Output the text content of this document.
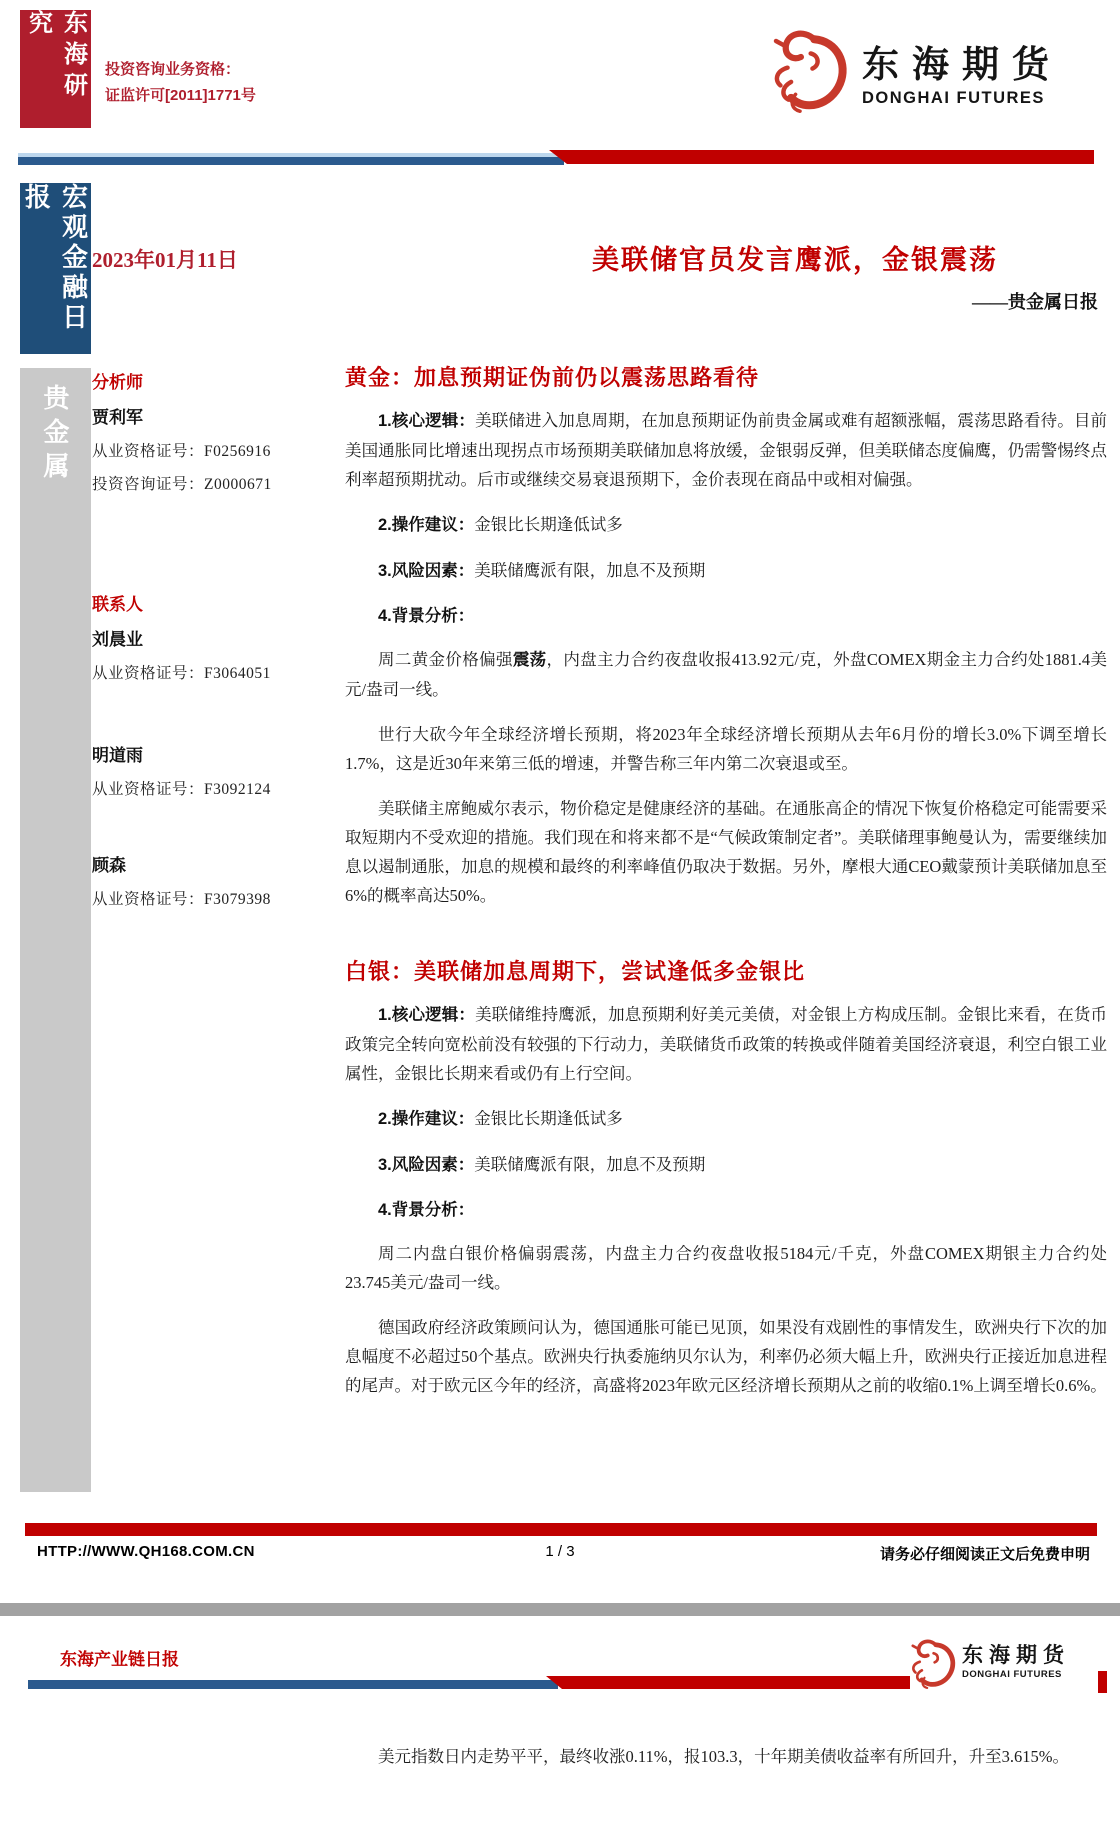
东海研究
投资咨询业务资格：
证监许可[2011]1771号
东海期货
DONGHAI FUTURES
宏观金融日报
贵金属
2023年01月11日	美联储官员发言鹰派，金银震荡
——贵金属日报
分析师
贾利军
从业资格证号：F0256916
投资咨询证号：Z0000671
联系人
刘晨业
从业资格证号：F3064051
明道雨
从业资格证号：F3092124
顾森
从业资格证号：F3079398
黄金：加息预期证伪前仍以震荡思路看待

1.核心逻辑：美联储进入加息周期，在加息预期证伪前贵金属或难有超额涨幅，震荡思路看待。目前美国通胀同比增速出现拐点市场预期美联储加息将放缓，金银弱反弹，但美联储态度偏鹰，仍需警惕终点利率超预期扰动。后市或继续交易衰退预期下，金价表现在商品中或相对偏强。

2.操作建议：金银比长期逢低试多
3.风险因素：美联储鹰派有限，加息不及预期
4.背景分析：

周二黄金价格偏强震荡，内盘主力合约夜盘收报413.92元/克，外盘COMEX期金主力合约处1881.4美元/盎司一线。

世行大砍今年全球经济增长预期，将2023年全球经济增长预期从去年6月份的增长3.0%下调至增长1.7%，这是近30年来第三低的增速，并警告称三年内第二次衰退或至。

美联储主席鲍威尔表示，物价稳定是健康经济的基础。在通胀高企的情况下恢复价格稳定可能需要采取短期内不受欢迎的措施。我们现在和将来都不是“气候政策制定者”。美联储理事鲍曼认为，需要继续加息以遏制通胀，加息的规模和最终的利率峰值仍取决于数据。另外，摩根大通CEO戴蒙预计美联储加息至6%的概率高达50%。

白银：美联储加息周期下，尝试逢低多金银比

1.核心逻辑：美联储维持鹰派，加息预期利好美元美债，对金银上方构成压制。金银比来看，在货币政策完全转向宽松前没有较强的下行动力，美联储货币政策的转换或伴随着美国经济衰退，利空白银工业属性，金银比长期来看或仍有上行空间。

2.操作建议：金银比长期逢低试多
3.风险因素：美联储鹰派有限，加息不及预期
4.背景分析：

周二内盘白银价格偏弱震荡，内盘主力合约夜盘收报5184元/千克，外盘COMEX期银主力合约处23.745美元/盎司一线。

德国政府经济政策顾问认为，德国通胀可能已见顶，如果没有戏剧性的事情发生，欧洲央行下次的加息幅度不必超过50个基点。欧洲央行执委施纳贝尔认为，利率仍必须大幅上升，欧洲央行正接近加息进程的尾声。对于欧元区今年的经济，高盛将2023年欧元区经济增长预期从之前的收缩0.1%上调至增长0.6%。

HTTP://WWW.QH168.COM.CN	1 / 3	请务必仔细阅读正文后免费申明
东海产业链日报	东海期货
DONGHAI FUTURES
美元指数日内走势平平，最终收涨0.11%，报103.3，十年期美债收益率有所回升，升至3.615%。
